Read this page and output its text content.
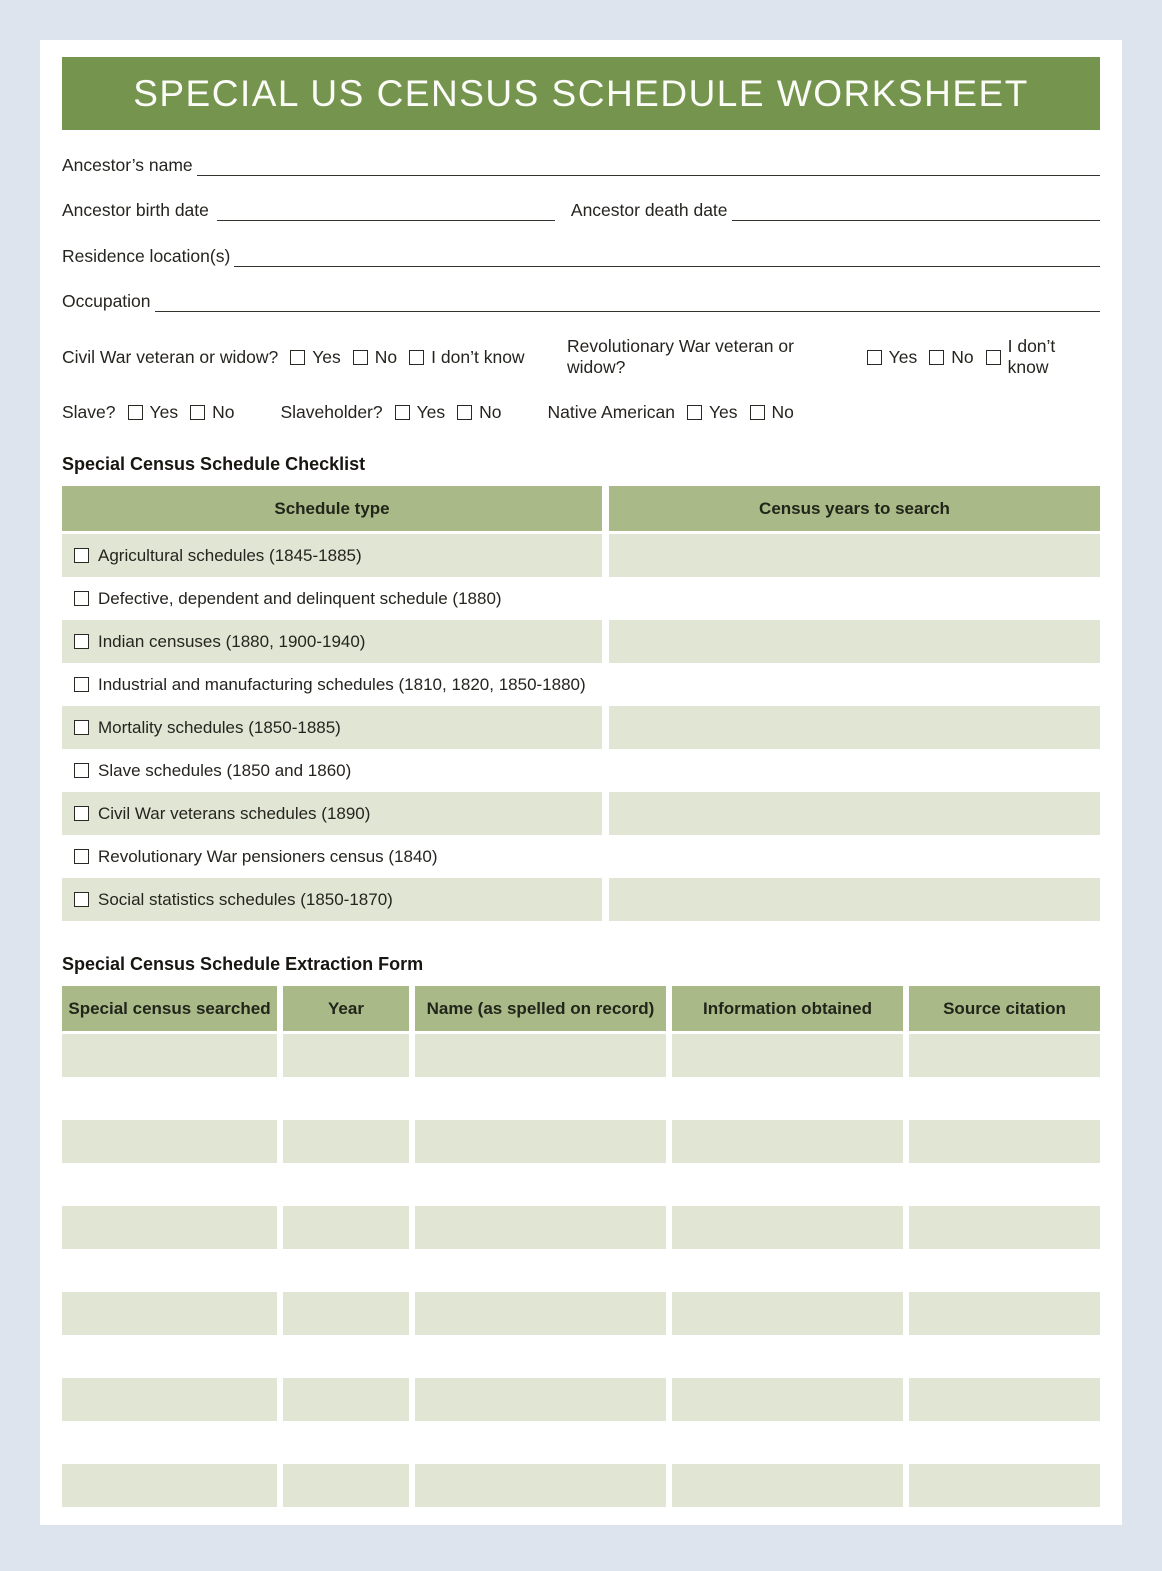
SPECIAL US CENSUS SCHEDULE WORKSHEET
Ancestor’s name
Ancestor birth date	Ancestor death date
Residence location(s)
Occupation
Civil War veteran or widow? Yes No I don’t know
Revolutionary War veteran or widow?
Yes No
I don’t know
Slave? Yes No	Slaveholder? Yes No	Native American Yes No
Special Census Schedule Checklist
Schedule type	Census years to search
Agricultural schedules (1845-1885)
Defective, dependent and delinquent schedule (1880)
Indian censuses (1880, 1900-1940)
Industrial and manufacturing schedules (1810, 1820, 1850-1880)
Mortality schedules (1850-1885)
Slave schedules (1850 and 1860)
Civil War veterans schedules (1890)
Revolutionary War pensioners census (1840)
Social statistics schedules (1850-1870)
Special Census Schedule Extraction Form
Special census searched	Year	Name (as spelled on record)	Information obtained	Source citation
